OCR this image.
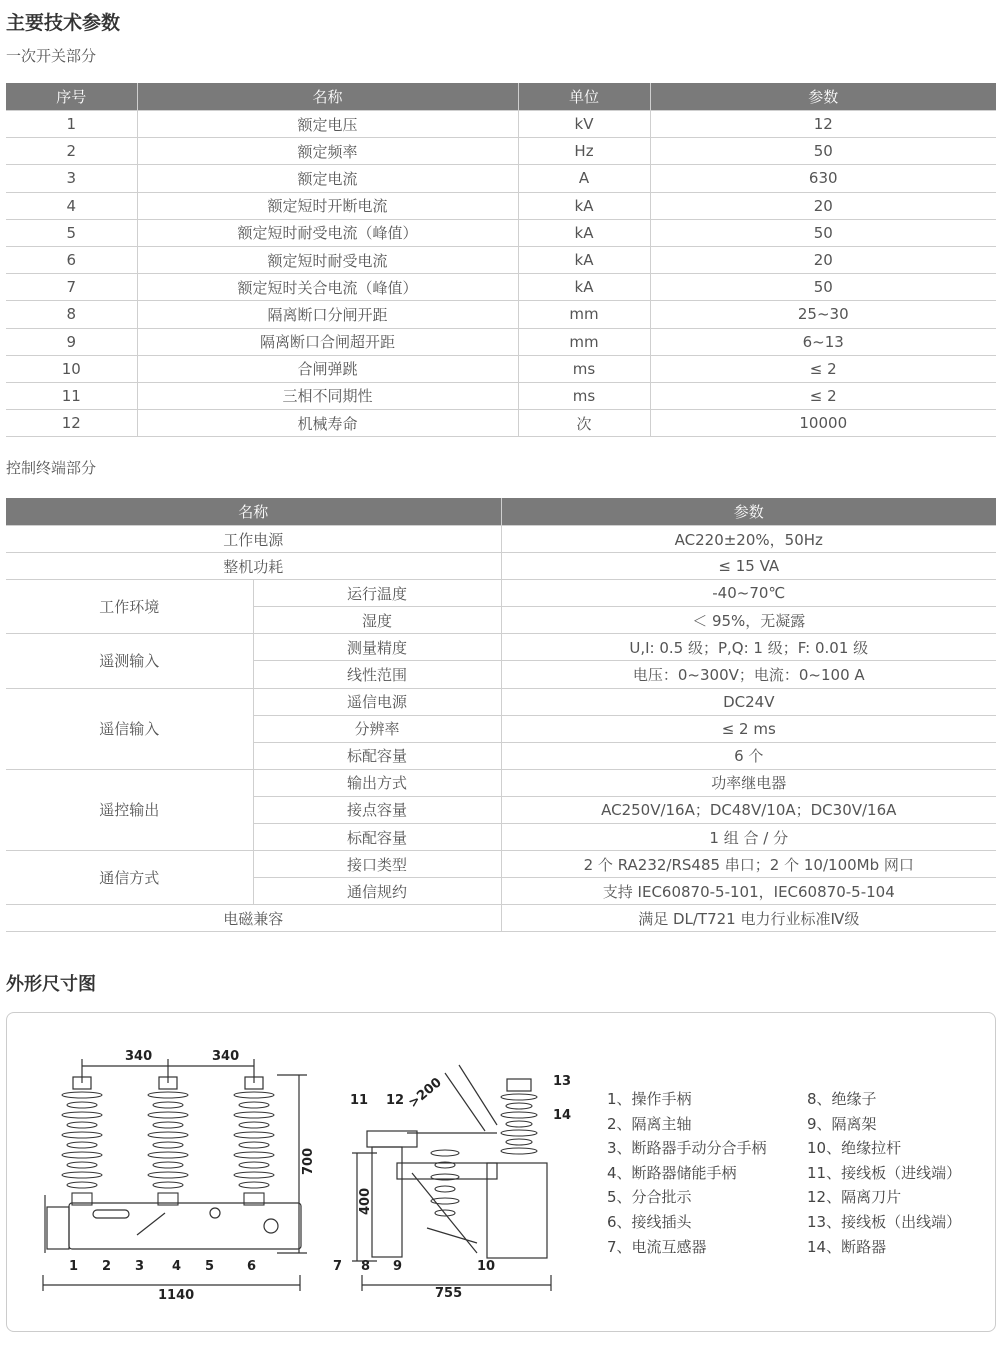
主要技术参数
一次开关部分
序号	名称	单位	参数
1	额定电压	kV	12
2	额定频率	Hz	50
3	额定电流	A	630
4	额定短时开断电流	kA	20
5	额定短时耐受电流（峰值）	kA	50
6	额定短时耐受电流	kA	20
7	额定短时关合电流（峰值）	kA	50
8	隔离断口分闸开距	mm	25~30
9	隔离断口合闸超开距	mm	6~13
10	合闸弹跳	ms	≤ 2
11	三相不同期性	ms	≤ 2
12	机械寿命	次	10000
控制终端部分
名称		参数
工作电源		AC220±20%，50Hz
整机功耗		≤ 15 VA
工作环境	运行温度	-40~70℃
	湿度	＜ 95%，无凝露
遥测输入	测量精度	U,I: 0.5 级；P,Q: 1 级；F: 0.01 级
	线性范围	电压：0~300V；电流：0~100 A
遥信输入	遥信电源	DC24V
	分辨率	≤ 2 ms
	标配容量	6 个
遥控输出	输出方式	功率继电器
	接点容量	AC250V/16A；DC48V/10A；DC30V/16A
	标配容量	1 组 合 / 分
通信方式	接口类型	2 个 RA232/RS485 串口；2 个 10/100Mb 网口
	通信规约	支持 IEC60870-5-101，IEC60870-5-104
电磁兼容		满足 DL/T721 电力行业标准Ⅳ级
外形尺寸图
340	340
700
1140
>200
400
755
1 2 3 4 5	6	7 8 9	10
11 12
13
14
1、操作手柄
2、隔离主轴
3、断路器手动分合手柄
4、断路器储能手柄
5、分合批示
6、接线插头
7、电流互感器
8、绝缘子
9、隔离架
10、绝缘拉杆
11、接线板（进线端）
12、隔离刀片
13、接线板（出线端）
14、断路器
